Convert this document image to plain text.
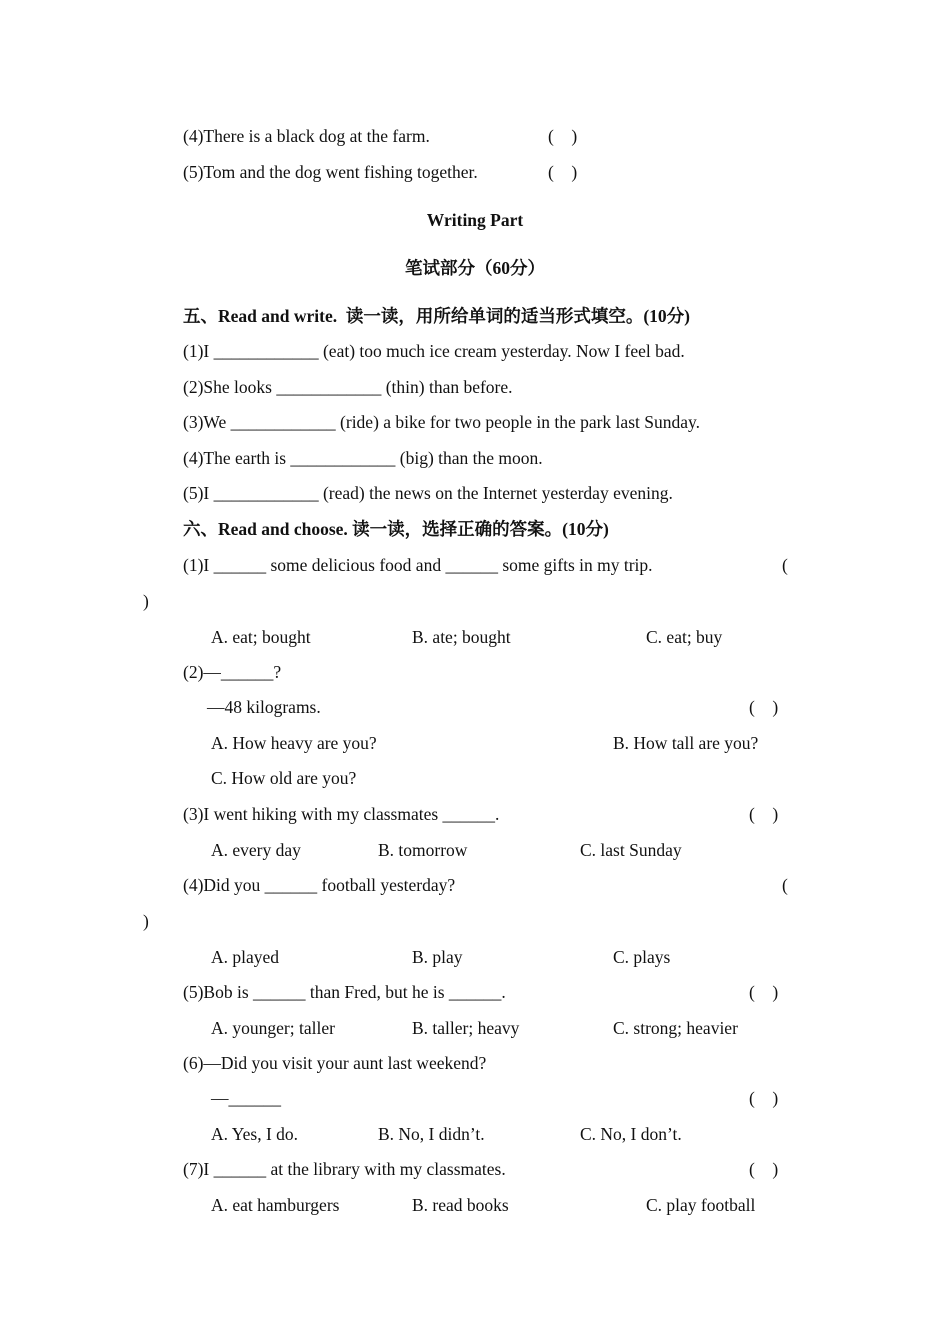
(4)There is a black dog at the farm.	(    )
(5)Tom and the dog went fishing together.	(    )
Writing Part
笔试部分（60分）
五、Read and write.  读一读，用所给单词的适当形式填空。(10分)
(1)I ____________ (eat) too much ice cream yesterday. Now I feel bad.
(2)She looks ____________ (thin) than before.
(3)We ____________ (ride) a bike for two people in the park last Sunday.
(4)The earth is ____________ (big) than the moon.
(5)I ____________ (read) the news on the Internet yesterday evening.
六、Read and choose. 读一读，选择正确的答案。(10分)
(1)I ______ some delicious food and ______ some gifts in my trip.	(
)
A. eat; bought	B. ate; bought	C. eat; buy
(2)—______?
—48 kilograms.	(    )
A. How heavy are you?	B. How tall are you?
C. How old are you?
(3)I went hiking with my classmates ______.	(    )
A. every day	B. tomorrow	C. last Sunday
(4)Did you ______ football yesterday?	(
)
A. played	B. play	C. plays
(5)Bob is ______ than Fred, but he is ______.	(    )
A. younger; taller	B. taller; heavy	C. strong; heavier
(6)—Did you visit your aunt last weekend?
—______	(    )
A. Yes, I do.	B. No, I didn’t.	C. No, I don’t.
(7)I ______ at the library with my classmates.	(    )
A. eat hamburgers	B. read books	C. play football
